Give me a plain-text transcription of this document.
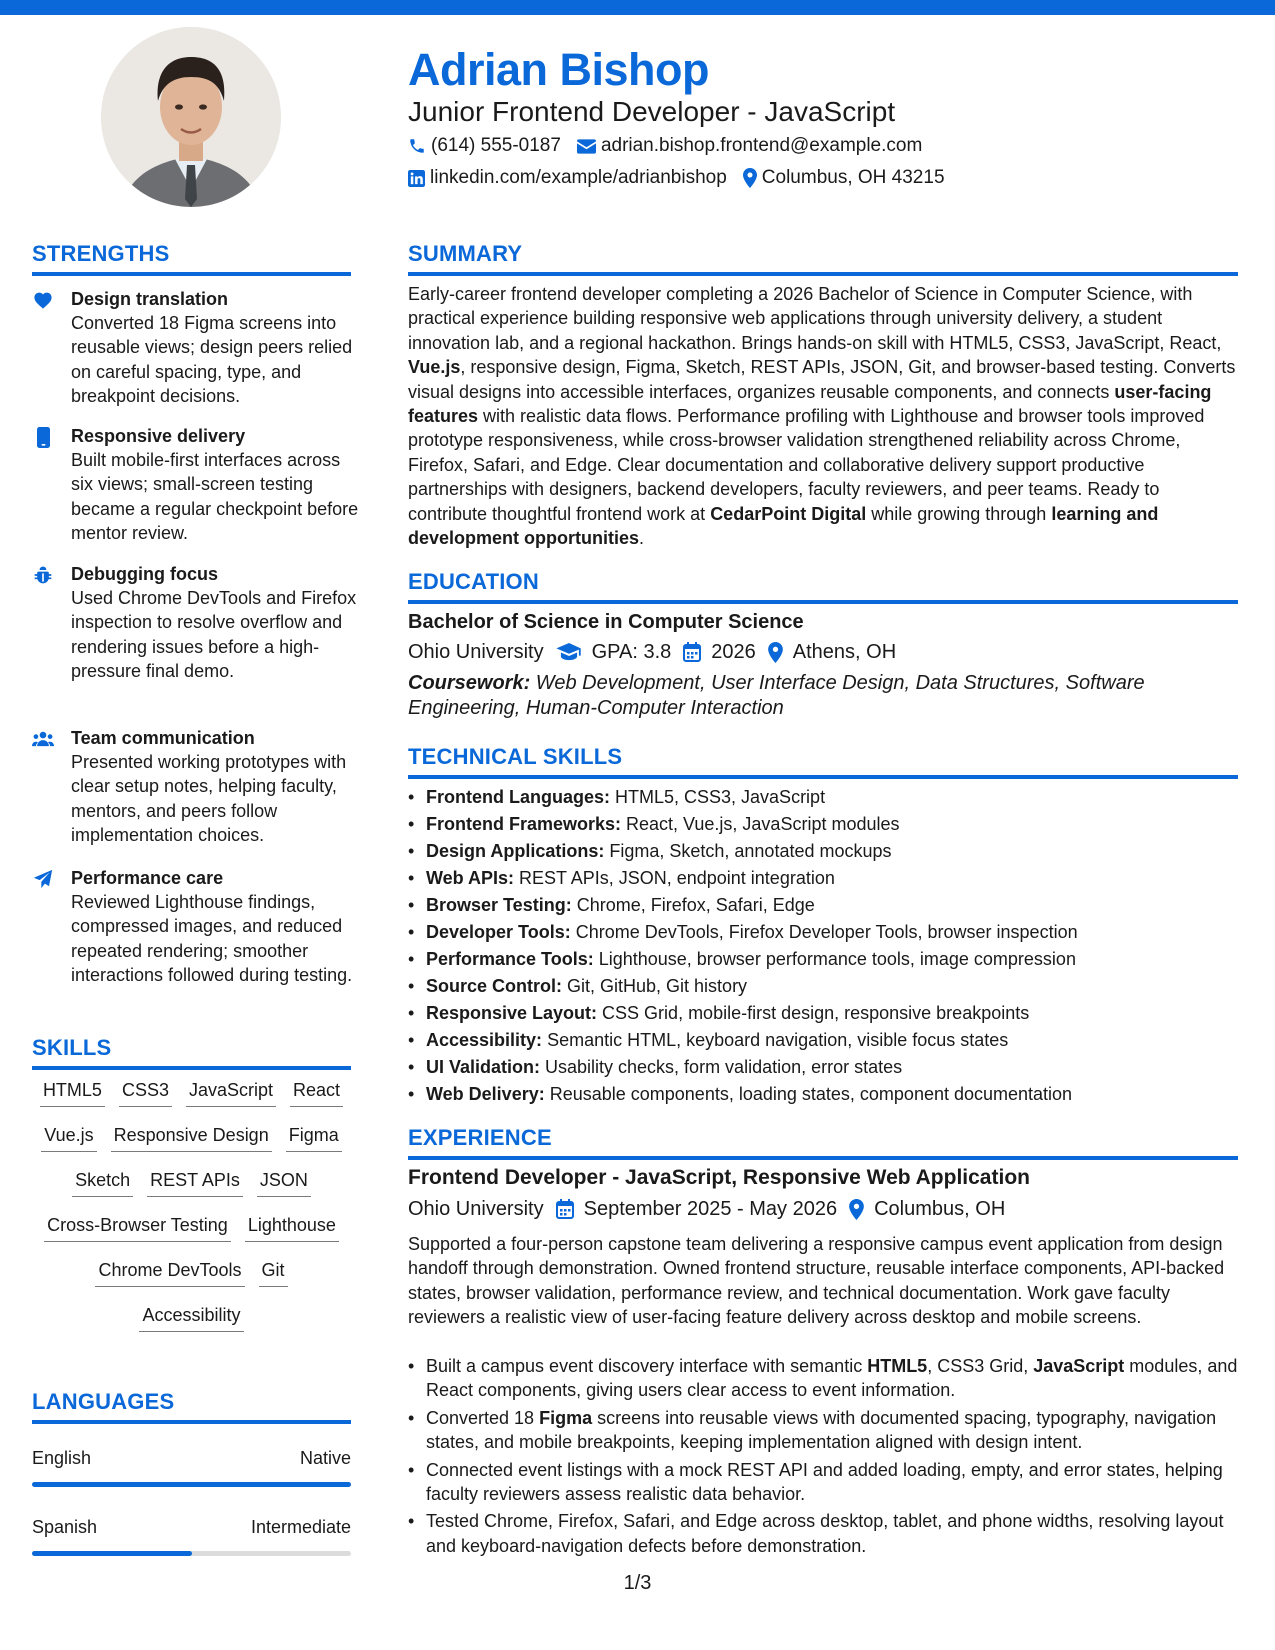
Adrian Bishop
Junior Frontend Developer - JavaScript
(614) 555-0187 adrian.bishop.frontend@example.com
linkedin.com/example/adrianbishop Columbus, OH 43215
STRENGTHS
Design translation
Converted 18 Figma screens into reusable views; design peers relied on careful spacing, type, and breakpoint decisions.
Responsive delivery
Built mobile-first interfaces across six views; small-screen testing became a regular checkpoint before mentor review.
Debugging focus
Used Chrome DevTools and Firefox inspection to resolve overflow and rendering issues before a high-pressure final demo.
Team communication
Presented working prototypes with clear setup notes, helping faculty, mentors, and peers follow implementation choices.
Performance care
Reviewed Lighthouse findings, compressed images, and reduced repeated rendering; smoother interactions followed during testing.
SKILLS
HTML5 CSS3 JavaScript React
Vue.js Responsive Design Figma
Sketch REST APIs JSON
Cross-Browser Testing Lighthouse
Chrome DevTools Git
Accessibility
LANGUAGES
English	Native
Spanish	Intermediate
SUMMARY
Early-career frontend developer completing a 2026 Bachelor of Science in Computer Science, with practical experience building responsive web applications through university delivery, a student innovation lab, and a regional hackathon. Brings hands-on skill with HTML5, CSS3, JavaScript, React, Vue.js, responsive design, Figma, Sketch, REST APIs, JSON, Git, and browser-based testing. Converts visual designs into accessible interfaces, organizes reusable components, and connects user-facing features with realistic data flows. Performance profiling with Lighthouse and browser tools improved prototype responsiveness, while cross-browser validation strengthened reliability across Chrome, Firefox, Safari, and Edge. Clear documentation and collaborative delivery support productive partnerships with designers, backend developers, faculty reviewers, and peer teams. Ready to contribute thoughtful frontend work at CedarPoint Digital while growing through learning and development opportunities.
EDUCATION
Bachelor of Science in Computer Science
Ohio University GPA: 3.8 2026 Athens, OH
Coursework: Web Development, User Interface Design, Data Structures, Software Engineering, Human-Computer Interaction
TECHNICAL SKILLS
• Frontend Languages: HTML5, CSS3, JavaScript
• Frontend Frameworks: React, Vue.js, JavaScript modules
• Design Applications: Figma, Sketch, annotated mockups
• Web APIs: REST APIs, JSON, endpoint integration
• Browser Testing: Chrome, Firefox, Safari, Edge
• Developer Tools: Chrome DevTools, Firefox Developer Tools, browser inspection
• Performance Tools: Lighthouse, browser performance tools, image compression
• Source Control: Git, GitHub, Git history
• Responsive Layout: CSS Grid, mobile-first design, responsive breakpoints
• Accessibility: Semantic HTML, keyboard navigation, visible focus states
• UI Validation: Usability checks, form validation, error states
• Web Delivery: Reusable components, loading states, component documentation
EXPERIENCE
Frontend Developer - JavaScript, Responsive Web Application
Ohio University September 2025 - May 2026 Columbus, OH
Supported a four-person capstone team delivering a responsive campus event application from design handoff through demonstration. Owned frontend structure, reusable interface components, API-backed states, browser validation, performance review, and technical documentation. Work gave faculty reviewers a realistic view of user-facing feature delivery across desktop and mobile screens.
• Built a campus event discovery interface with semantic HTML5, CSS3 Grid, JavaScript modules, and React components, giving users clear access to event information.
• Converted 18 Figma screens into reusable views with documented spacing, typography, navigation states, and mobile breakpoints, keeping implementation aligned with design intent.
• Connected event listings with a mock REST API and added loading, empty, and error states, helping faculty reviewers assess realistic data behavior.
• Tested Chrome, Firefox, Safari, and Edge across desktop, tablet, and phone widths, resolving layout and keyboard-navigation defects before demonstration.
1/3
